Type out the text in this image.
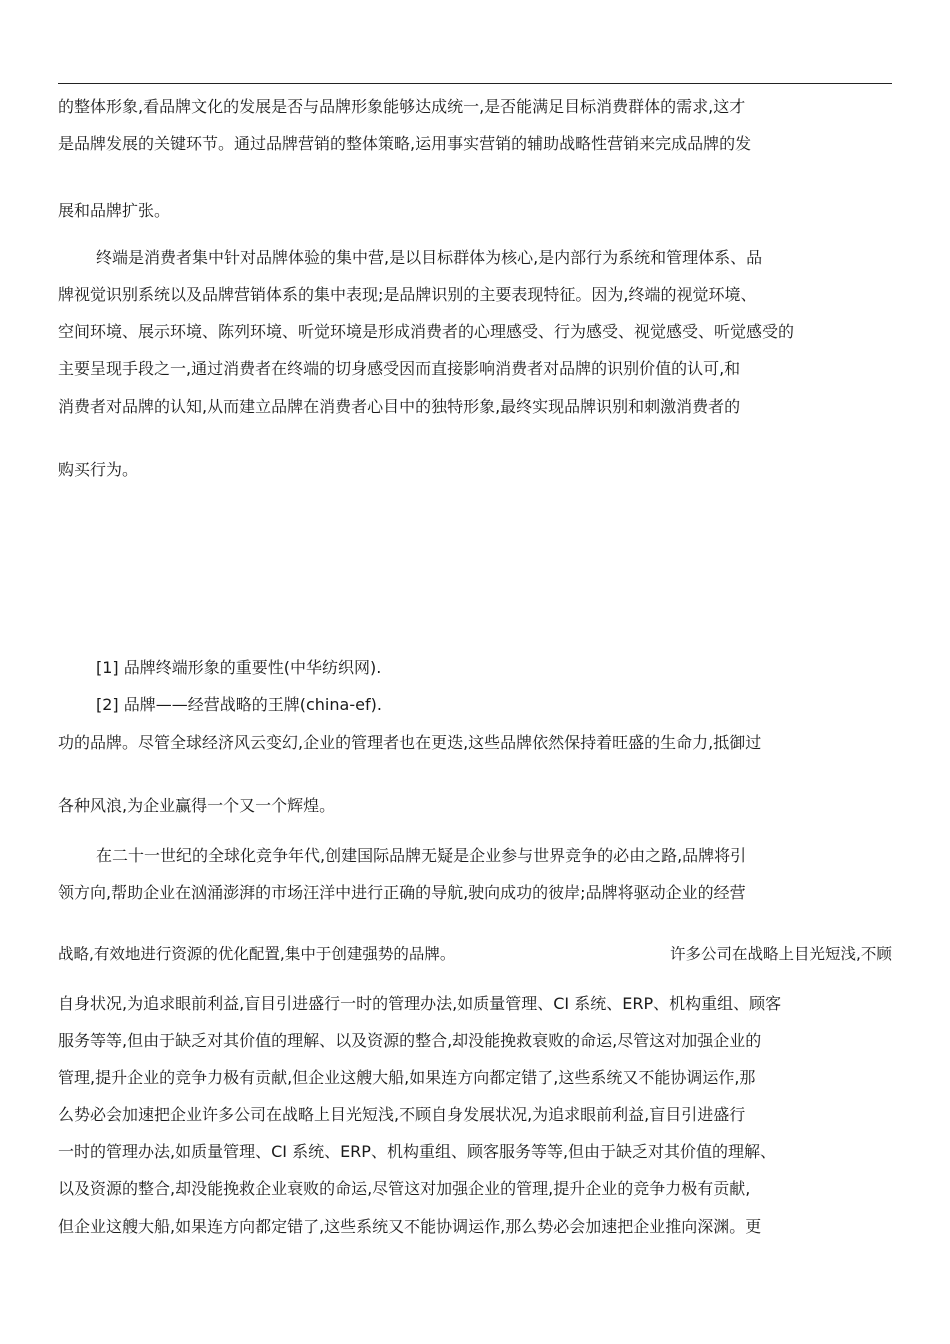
的整体形象,看品牌文化的发展是否与品牌形象能够达成统一,是否能满足目标消费群体的需求,这才
是品牌发展的关键环节。通过品牌营销的整体策略,运用事实营销的辅助战略性营销来完成品牌的发
展和品牌扩张。
终端是消费者集中针对品牌体验的集中营,是以目标群体为核心,是内部行为系统和管理体系、品
牌视觉识别系统以及品牌营销体系的集中表现;是品牌识别的主要表现特征。因为,终端的视觉环境、
空间环境、展示环境、陈列环境、听觉环境是形成消费者的心理感受、行为感受、视觉感受、听觉感受的
主要呈现手段之一,通过消费者在终端的切身感受因而直接影响消费者对品牌的识别价值的认可,和
消费者对品牌的认知,从而建立品牌在消费者心目中的独特形象,最终实现品牌识别和刺激消费者的
购买行为。
[1] 品牌终端形象的重要性(中华纺织网).
[2] 品牌——经营战略的王牌(china-ef).
功的品牌。尽管全球经济风云变幻,企业的管理者也在更迭,这些品牌依然保持着旺盛的生命力,抵御过
各种风浪,为企业赢得一个又一个辉煌。
在二十一世纪的全球化竞争年代,创建国际品牌无疑是企业参与世界竞争的必由之路,品牌将引
领方向,帮助企业在汹涌澎湃的市场汪洋中进行正确的导航,驶向成功的彼岸;品牌将驱动企业的经营
战略,有效地进行资源的优化配置,集中于创建强势的品牌。	许多公司在战略上目光短浅,不顾
自身状况,为追求眼前利益,盲目引进盛行一时的管理办法,如质量管理、CI 系统、ERP、机构重组、顾客
服务等等,但由于缺乏对其价值的理解、以及资源的整合,却没能挽救衰败的命运,尽管这对加强企业的
管理,提升企业的竞争力极有贡献,但企业这艘大船,如果连方向都定错了,这些系统又不能协调运作,那
么势必会加速把企业许多公司在战略上目光短浅,不顾自身发展状况,为追求眼前利益,盲目引进盛行
一时的管理办法,如质量管理、CI 系统、ERP、机构重组、顾客服务等等,但由于缺乏对其价值的理解、
以及资源的整合,却没能挽救企业衰败的命运,尽管这对加强企业的管理,提升企业的竞争力极有贡献,
但企业这艘大船,如果连方向都定错了,这些系统又不能协调运作,那么势必会加速把企业推向深渊。更
